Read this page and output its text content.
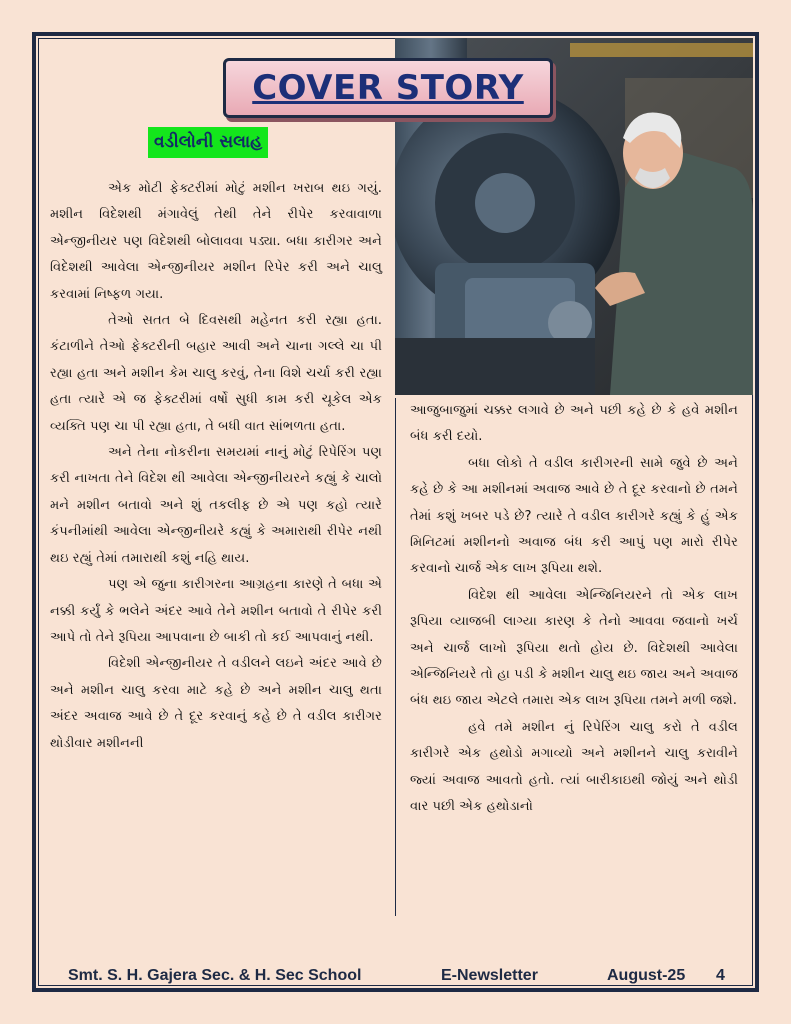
COVER STORY
વડીલોની સલાહ

એક મોટી ફેક્ટરીમાં મોટું મશીન ખરાબ થઇ ગયું. મશીન વિદેશથી મંગાવેલું તેથી તેને રીપેર કરવાવાળા એન્જીનીયર પણ વિદેશથી બોલાવવા પડ્યા. બધા કારીગર અને વિદેશથી આવેલા એન્જીનીયર મશીન રિપેર કરી અને ચાલુ કરવામાં નિષ્ફળ ગયા.

તેઓ સતત બે દિવસથી મહેનત કરી રહ્યા હતા. કંટાળીને તેઓ ફેક્ટરીની બહાર આવી અને ચાના ગલ્લે ચા પી રહ્યા હતા અને મશીન કેમ ચાલુ કરવું, તેના વિશે ચર્ચા કરી રહ્યા હતા ત્યારે એ જ ફેક્ટરીમાં વર્ષો સુધી કામ કરી ચૂકેલ એક વ્યક્તિ પણ ચા પી રહ્યા હતા, તે બધી વાત સાંભળતા હતા.

અને તેના નોકરીના સમયમાં નાનું મોટું રિપેરિંગ પણ કરી નાખતા તેને વિદેશ થી આવેલા એન્જીનીયરને કહ્યું કે ચાલો મને મશીન બતાવો અને શું તકલીફ છે એ પણ કહો ત્યારે કંપનીમાંથી આવેલા એન્જીનીયરે કહ્યું કે અમારાથી રીપેર નથી થઇ રહ્યું તેમાં તમારાથી કશું નહિ થાય.

પણ એ જુના કારીગરના આગ્રહના કારણે તે બધા એ નક્કી કર્યું કે ભલેને અંદર આવે તેને મશીન બતાવો તે રીપેર કરી આપે તો તેને રૂપિયા આપવાના છે બાકી તો કઈ આપવાનું નથી.

વિદેશી એન્જીનીયર તે વડીલને લઇને અંદર આવે છે અને મશીન ચાલુ કરવા માટે કહે છે અને મશીન ચાલુ થતા અંદર અવાજ આવે છે તે દૂર કરવાનું કહે છે તે વડીલ કારીગર થોડીવાર મશીનની

આજુબાજુમાં ચક્કર લગાવે છે અને પછી કહે છે કે હવે મશીન બંધ કરી દયો.

બધા લોકો તે વડીલ કારીગરની સામે જુવે છે અને કહે છે કે આ મશીનમાં અવાજ આવે છે તે દૂર કરવાનો છે તમને તેમાં કશું ખબર પડે છે? ત્યારે તે વડીલ કારીગરે કહ્યું કે હું એક મિનિટમાં મશીનનો અવાજ બંધ કરી આપું પણ મારો રીપેર કરવાનો ચાર્જ એક લાખ રૂપિયા થશે.

વિદેશ થી આવેલા એન્જિનિયરને તો એક લાખ રૂપિયા વ્યાજબી લાગ્યા કારણ કે તેનો આવવા જવાનો ખર્ચ અને ચાર્જ લાખો રૂપિયા થતો હોય છે. વિદેશથી આવેલા એન્જિનિયરે તો હા પડી કે મશીન ચાલુ થઇ જાય અને અવાજ બંધ થઇ જાય એટલે તમારા એક લાખ રૂપિયા તમને મળી જશે.

હવે તમે મશીન નું રિપેરિંગ ચાલુ કરો તે વડીલ કારીગરે એક હથોડો મગાવ્યો અને મશીનને ચાલુ કરાવીને જ્યાં અવાજ આવતો હતો. ત્યાં બારીકાઇથી જોયું અને થોડી વાર પછી એક હથોડાનો

Smt. S. H. Gajera Sec. & H. Sec School	E-Newsletter	August-25 4
